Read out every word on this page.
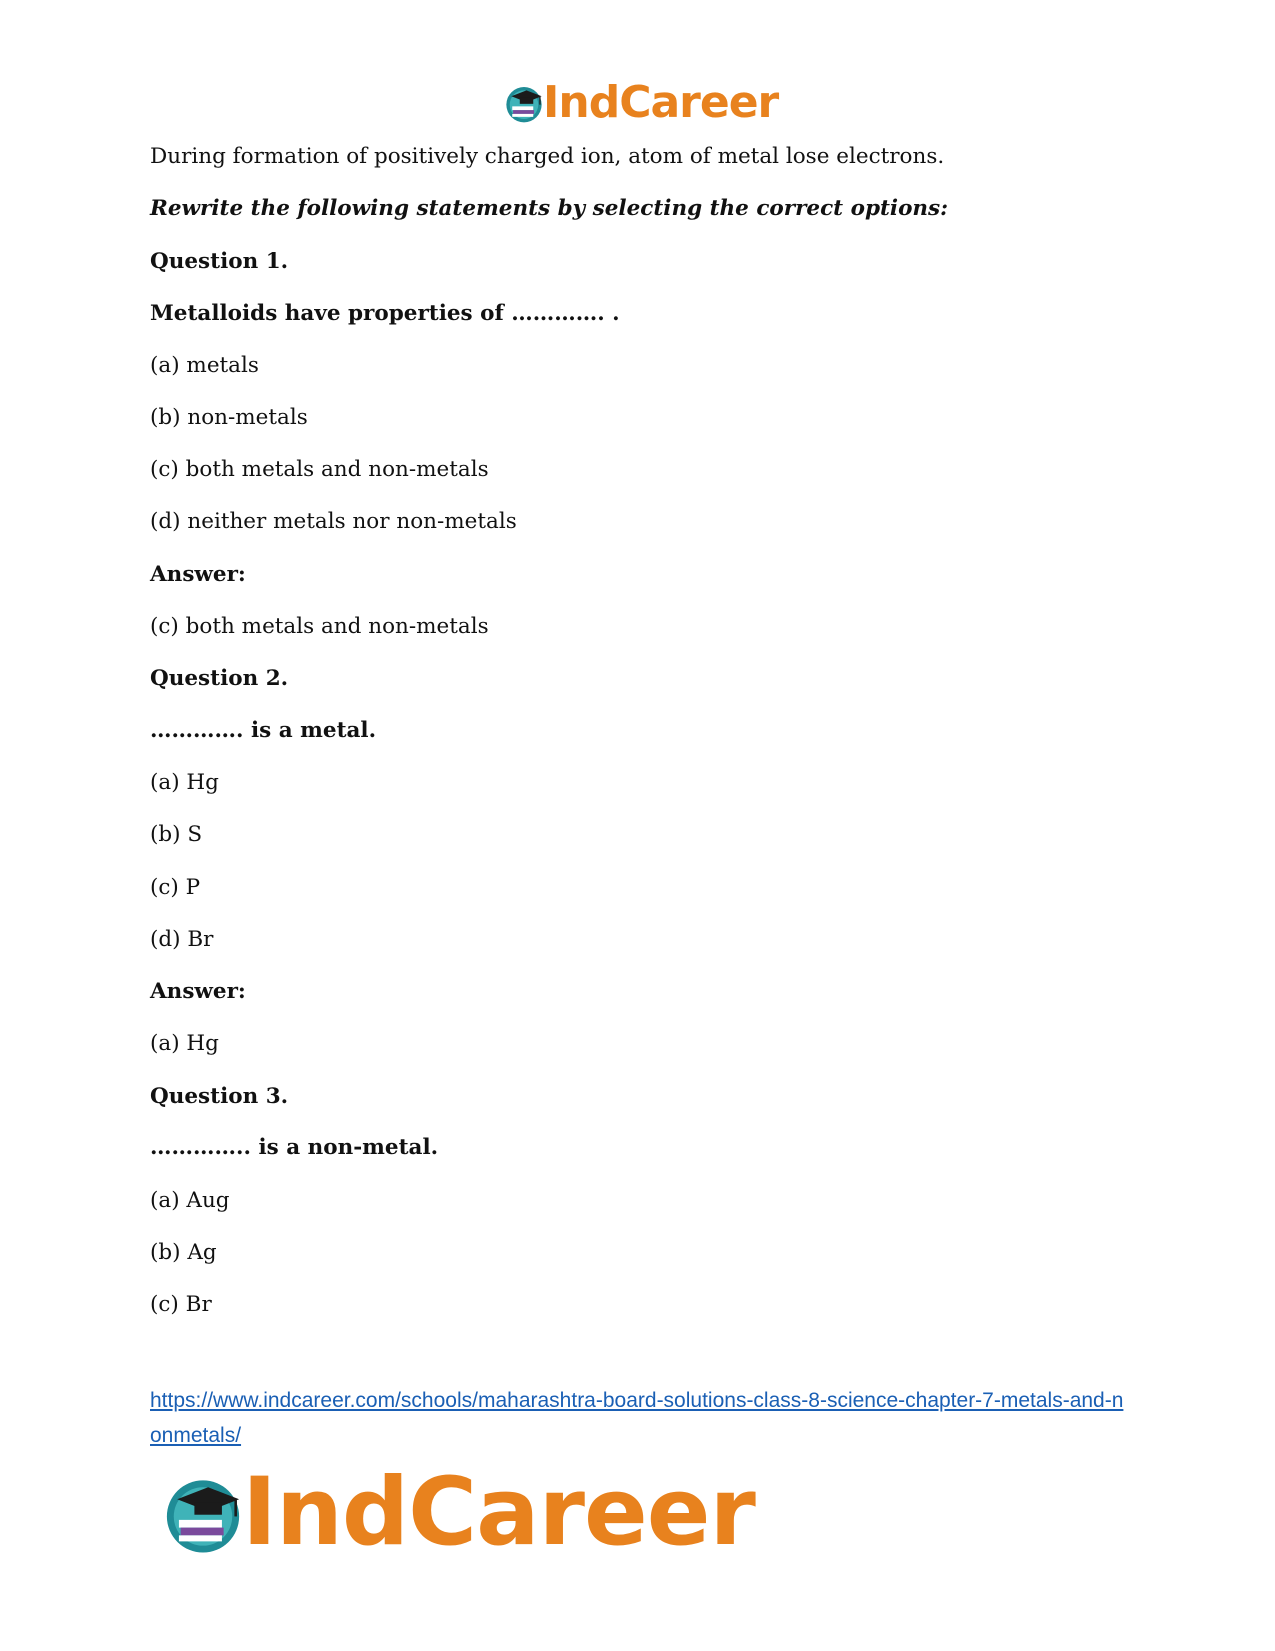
IndCareer
During formation of positively charged ion, atom of metal lose electrons.
Rewrite the following statements by selecting the correct options:
Question 1.
Metalloids have properties of …………. .
(a) metals
(b) non-metals
(c) both metals and non-metals
(d) neither metals nor non-metals
Answer:
(c) both metals and non-metals
Question 2.
…………. is a metal.
(a) Hg
(b) S
(c) P
(d) Br
Answer:
(a) Hg
Question 3.
………….. is a non-metal.
(a) Aug
(b) Ag
(c) Br
https://www.indcareer.com/schools/maharashtra-board-solutions-class-8-science-chapter-7-metals-and-nonmetals/
IndCareer
